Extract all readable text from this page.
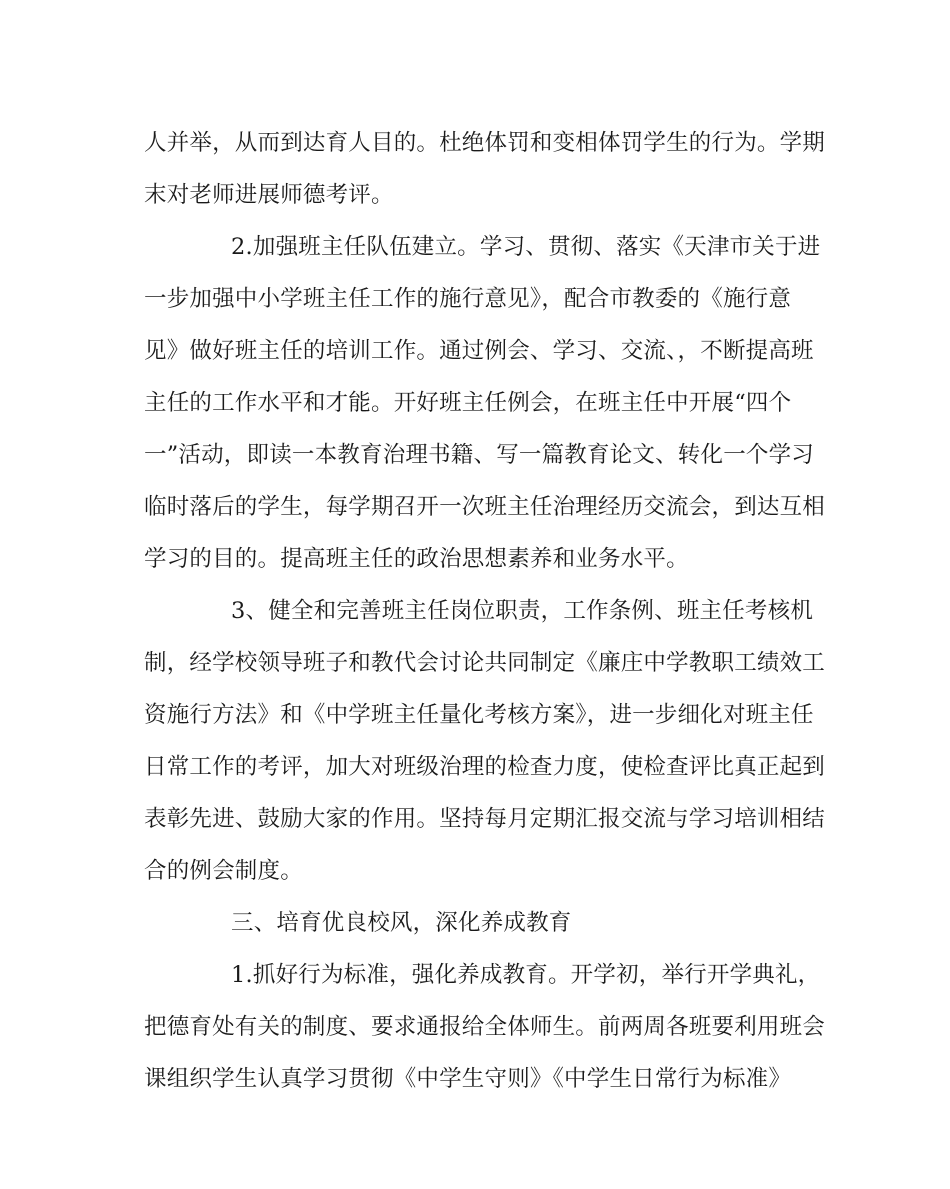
人并举，从而到达育人目的。杜绝体罚和变相体罚学生的行为。学期
末对老师进展师德考评。
2.加强班主任队伍建立。学习、贯彻、落实《天津市关于进
一步加强中小学班主任工作的施行意见》，配合市教委的《施行意
见》做好班主任的培训工作。通过例会、学习、交流、，不断提高班
主任的工作水平和才能。开好班主任例会，在班主任中开展“四个
一”活动，即读一本教育治理书籍、写一篇教育论文、转化一个学习
临时落后的学生，每学期召开一次班主任治理经历交流会，到达互相
学习的目的。提高班主任的政治思想素养和业务水平。
3、健全和完善班主任岗位职责，工作条例、班主任考核机
制，经学校领导班子和教代会讨论共同制定《廉庄中学教职工绩效工
资施行方法》和《中学班主任量化考核方案》，进一步细化对班主任
日常工作的考评，加大对班级治理的检查力度，使检查评比真正起到
表彰先进、鼓励大家的作用。坚持每月定期汇报交流与学习培训相结
合的例会制度。
三、培育优良校风，深化养成教育
1.抓好行为标准，强化养成教育。开学初，举行开学典礼，
把德育处有关的制度、要求通报给全体师生。前两周各班要利用班会
课组织学生认真学习贯彻《中学生守则》《中学生日常行为标准》
